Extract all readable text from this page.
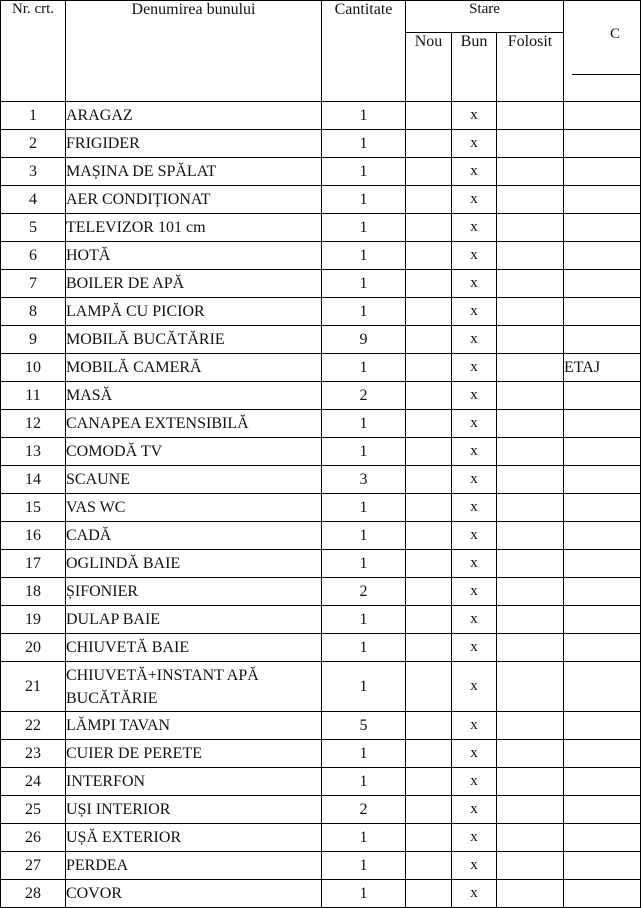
Nr. crt.	Denumirea bunului	Cantitate	Stare			C

			Nou	Bun	Folosit	
1	ARAGAZ	1		x		
2	FRIGIDER	1		x		
3	MAȘINA DE SPĂLAT	1		x		
4	AER CONDIȚIONAT	1		x		
5	TELEVIZOR 101 cm	1		x		
6	HOTĂ	1		x		
7	BOILER DE APĂ	1		x		
8	LAMPĂ CU PICIOR	1		x		
9	MOBILĂ BUCĂTĂRIE	9		x		
10	MOBILĂ CAMERĂ	1		x		ETAJ
11	MASĂ	2		x		
12	CANAPEA EXTENSIBILĂ	1		x		
13	COMODĂ TV	1		x		
14	SCAUNE	3		x		
15	VAS WC	1		x		
16	CADĂ	1		x		
17	OGLINDĂ BAIE	1		x		
18	ȘIFONIER	2		x		
19	DULAP BAIE	1		x		
20	CHIUVETĂ BAIE	1		x		
21	CHIUVETĂ+INSTANT APĂ BUCĂTĂRIE	1		x		
22	LĂMPI TAVAN	5		x		
23	CUIER DE PERETE	1		x		
24	INTERFON	1		x		
25	UȘI INTERIOR	2		x		
26	UȘĂ EXTERIOR	1		x		
27	PERDEA	1		x		
28	COVOR	1		x		
